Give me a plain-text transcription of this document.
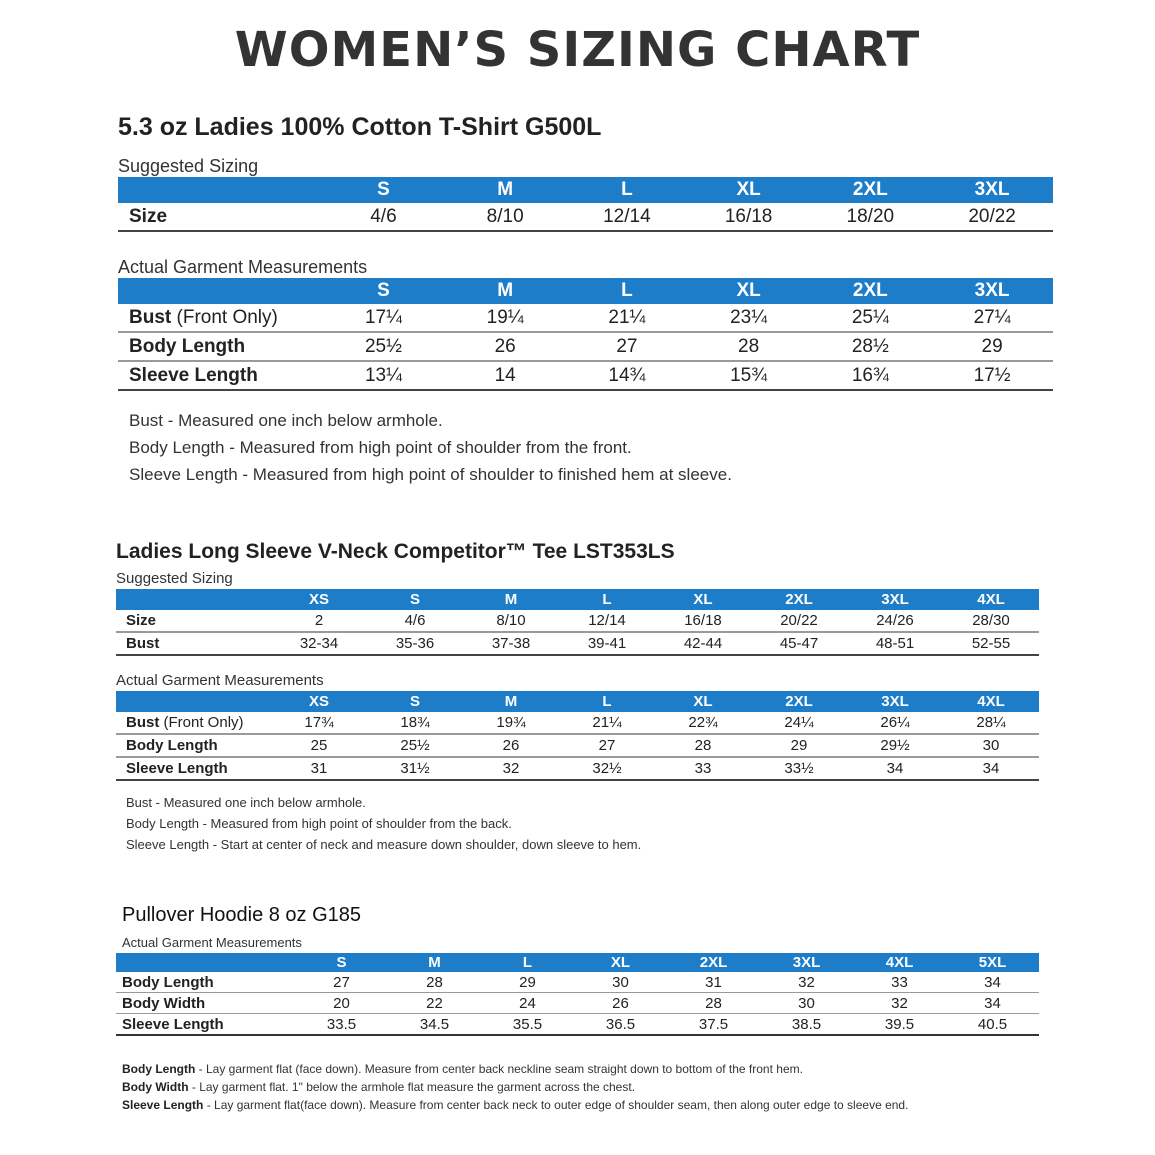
WOMEN’S SIZING CHART
5.3 oz Ladies 100% Cotton T-Shirt G500L
Suggested Sizing
	S	M	L	XL	2XL	3XL
Size	4/6	8/10	12/14	16/18	18/20	20/22
Actual Garment Measurements
	S	M	L	XL	2XL	3XL
Bust (Front Only)	17¼	19¼	21¼	23¼	25¼	27¼
Body Length	25½	26	27	28	28½	29
Sleeve Length	13¼	14	14¾	15¾	16¾	17½

Bust - Measured one inch below armhole.

Body Length - Measured from high point of shoulder from the front.

Sleeve Length - Measured from high point of shoulder to finished hem at sleeve.

Ladies Long Sleeve V-Neck Competitor™ Tee LST353LS
Suggested Sizing
	XS	S	M	L	XL	2XL	3XL	4XL
Size	2	4/6	8/10	12/14	16/18	20/22	24/26	28/30
Bust	32-34	35-36	37-38	39-41	42-44	45-47	48-51	52-55
Actual Garment Measurements
	XS	S	M	L	XL	2XL	3XL	4XL
Bust (Front Only)	17¾	18¾	19¾	21¼	22¾	24¼	26¼	28¼
Body Length	25	25½	26	27	28	29	29½	30
Sleeve Length	31	31½	32	32½	33	33½	34	34

Bust - Measured one inch below armhole.

Body Length - Measured from high point of shoulder from the back.

Sleeve Length - Start at center of neck and measure down shoulder, down sleeve to hem.

Pullover Hoodie 8 oz G185
Actual Garment Measurements
	S	M	L	XL	2XL	3XL	4XL	5XL
Body Length	27	28	29	30	31	32	33	34
Body Width	20	22	24	26	28	30	32	34
Sleeve Length	33.5	34.5	35.5	36.5	37.5	38.5	39.5	40.5

Body Length - Lay garment flat (face down). Measure from center back neckline seam straight down to bottom of the front hem.

Body Width - Lay garment flat. 1" below the armhole flat measure the garment across the chest.

Sleeve Length - Lay garment flat(face down). Measure from center back neck to outer edge of shoulder seam, then along outer edge to sleeve end.
